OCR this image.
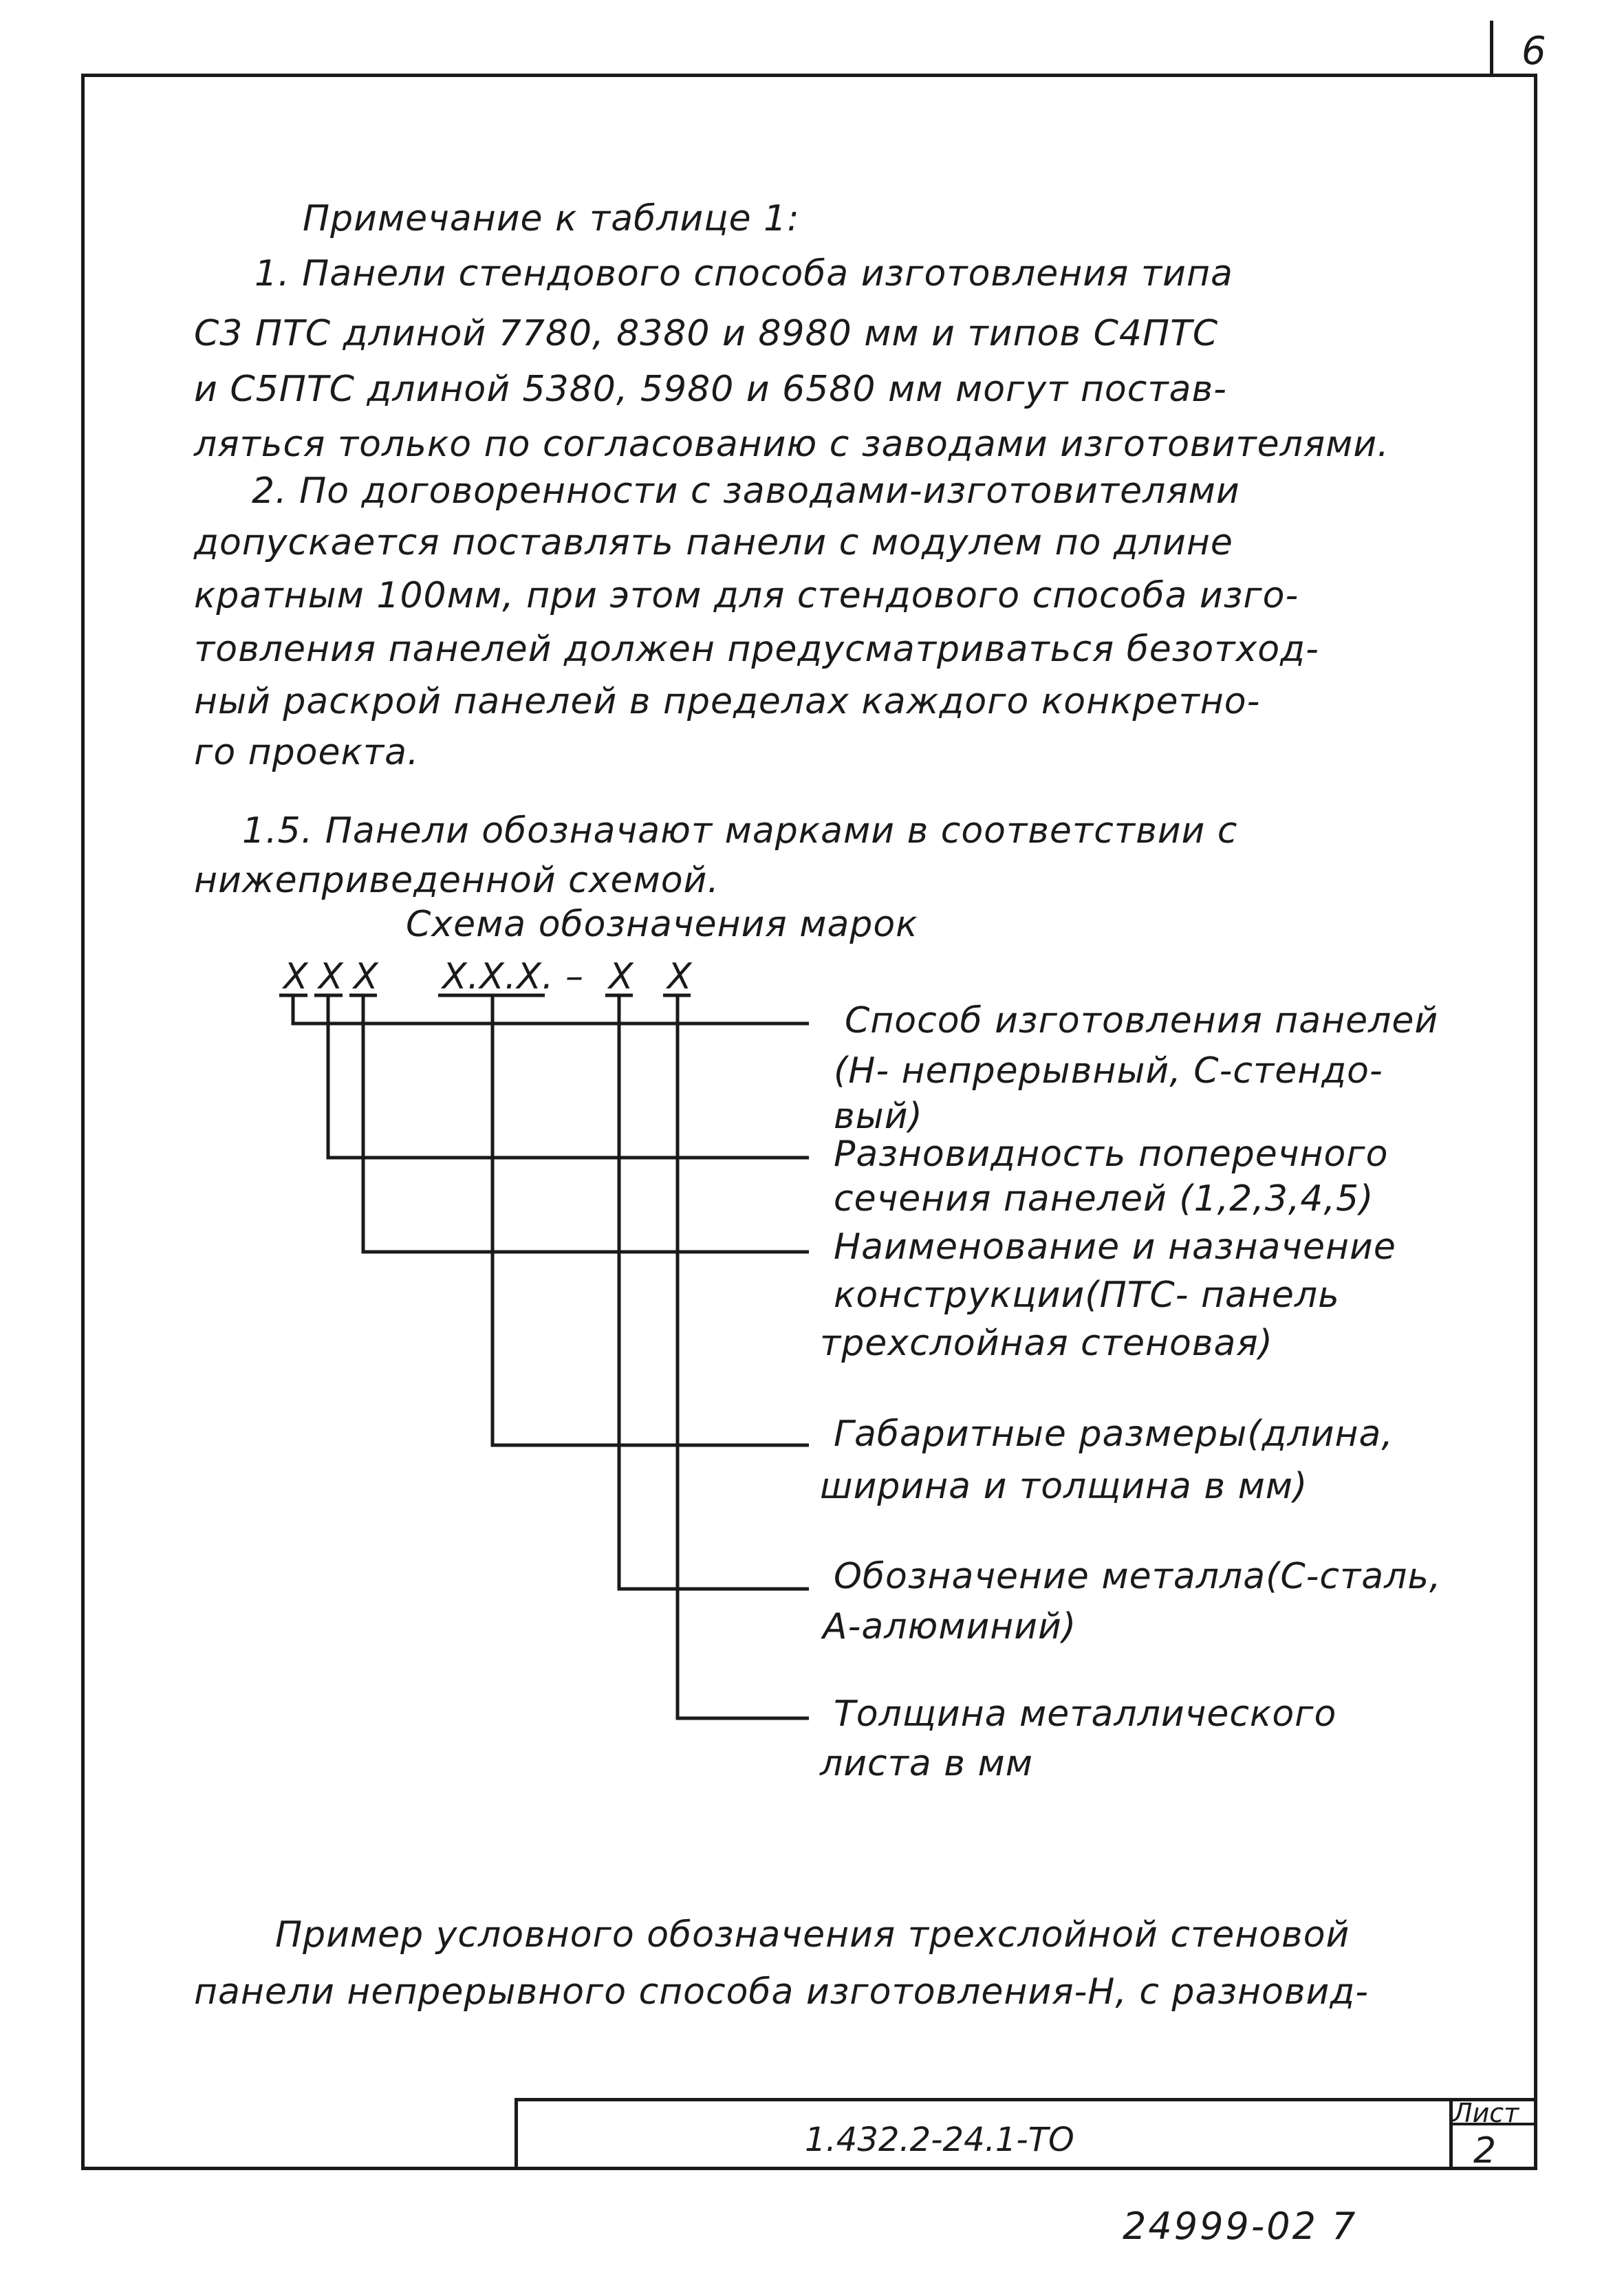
6
Примечание к таблице 1:
1. Панели стендового способа изготовления типа
С3 ПТС длиной 7780, 8380 и 8980 мм и типов С4ПТС
и С5ПТС длиной 5380, 5980 и 6580 мм могут постав-
ляться только по согласованию с заводами изготовителями.
2. По договоренности с заводами-изготовителями
допускается поставлять панели с модулем по длине
кратным 100мм, при этом для стендового способа изго-
товления панелей должен предусматриваться безотход-
ный раскрой панелей в пределах каждого конкретно-
го проекта.
1.5. Панели обозначают марками в соответствии с
нижеприведенной схемой.
Схема обозначения марок
Х Х Х Х.Х.Х. – Х Х
Способ изготовления панелей
(Н- непрерывный, С-стендо-
вый)
Разновидность поперечного
сечения панелей (1,2,3,4,5)
Наименование и назначение
конструкции(ПТС- панель
трехслойная стеновая)
Габаритные размеры(длина,
ширина и толщина в мм)
Обозначение металла(С-сталь,
А-алюминий)
Толщина металлического
листа в мм
Пример условного обозначения трехслойной стеновой
панели непрерывного способа изготовления-Н, с разновид-
1.432.2-24.1-ТО
Лист
2
24999-02 7
